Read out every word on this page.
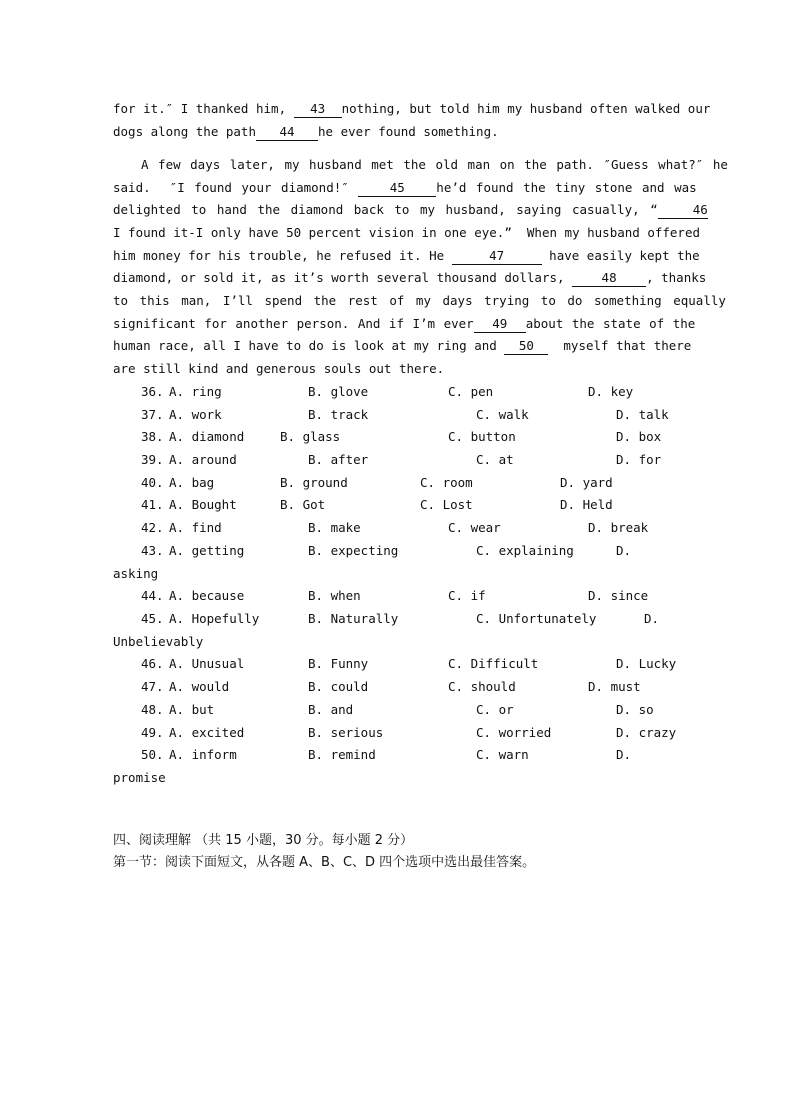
for it.″ I thanked him, 43 nothing, but told him my husband often walked our
dogs along the path 44 he ever found something.
A few days later, my husband met the old man on the path. ″Guess what?″ he
said.  ″I found your diamond!″	45	he’d found the tiny stone and was
delighted to hand the diamond back to my husband, saying casually, “	46
I found it-I only have 50 percent vision in one eye.”  When my husband offered
him money for his trouble, he refused it. He	47	have easily kept the
diamond, or sold it, as it’s worth several thousand dollars, 48 , thanks
to this man, I’ll spend the rest of my days trying to do something equally
significant for another person. And if I’m ever 49 about the state of the
human race, all I have to do is look at my ring and 50  myself that there
are still kind and generous souls out there.
36. A. ring	B. glove	C. pen	D. key
37. A. work	B. track	C. walk	D. talk
38. A. diamond	B. glass	C. button	D. box
39. A. around	B. after	C. at	D. for
40. A. bag	B. ground	C. room	D. yard
41. A. Bought	B. Got	C. Lost	D. Held
42. A. find	B. make	C. wear	D. break
43. A. getting	B. expecting	C. explaining	D.
asking
44. A. because	B. when	C. if	D. since
45. A. Hopefully	B. Naturally	C. Unfortunately	D.
Unbelievably
46. A. Unusual	B. Funny	C. Difficult	D. Lucky
47. A. would	B. could	C. should	D. must
48. A. but	B. and	C. or	D. so
49. A. excited	B. serious	C. worried	D. crazy
50. A. inform	B. remind	C. warn	D.
promise
四、阅读理解 （共 15 小题，30 分。每小题 2 分）
第一节：阅读下面短文，从各题 A、B、C、D 四个选项中选出最佳答案。
